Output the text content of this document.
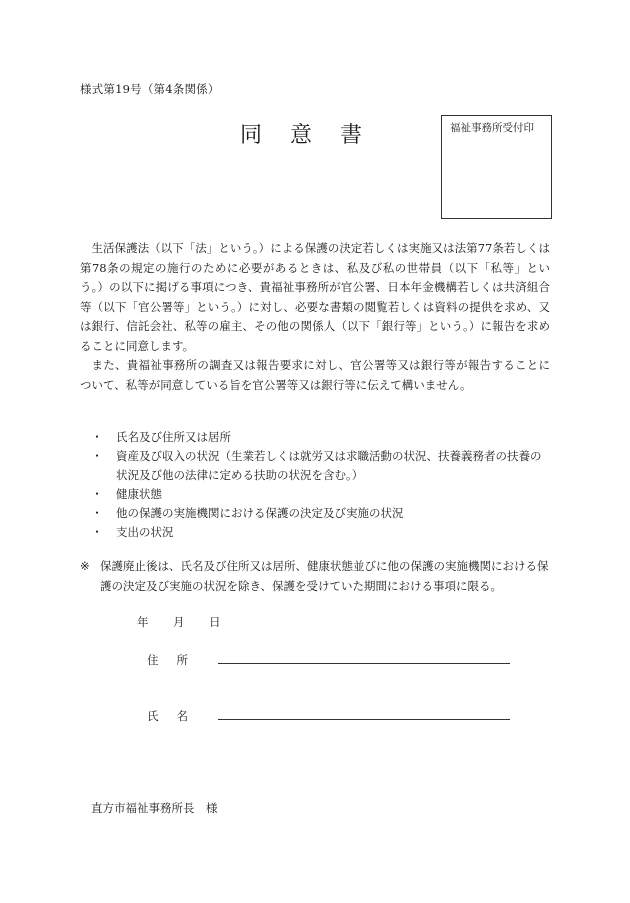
様式第19号（第4条関係）
同意書	福祉事務所受付印

生活保護法（以下「法」という。）による保護の決定若しくは実施又は法第77条若しくは第78条の規定の施行のために必要があるときは、私及び私の世帯員（以下「私等」という。）の以下に掲げる事項につき、貴福祉事務所が官公署、日本年金機構若しくは共済組合等（以下「官公署等」という。）に対し、必要な書類の閲覧若しくは資料の提供を求め、又は銀行、信託会社、私等の雇主、その他の関係人（以下「銀行等」という。）に報告を求めることに同意します。

また、貴福祉事務所の調査又は報告要求に対し、官公署等又は銀行等が報告することについて、私等が同意している旨を官公署等又は銀行等に伝えて構いません。

・ 氏名及び住所又は居所
・ 資産及び収入の状況（生業若しくは就労又は求職活動の状況、扶養義務者の扶養の状況及び他の法律に定める扶助の状況を含む。）
・ 健康状態
・ 他の保護の実施機関における保護の決定及び実施の状況
・ 支出の状況
※ 保護廃止後は、氏名及び住所又は居所、健康状態並びに他の保護の実施機関における保護の決定及び実施の状況を除き、保護を受けていた期間における事項に限る。
年 月 日
住所
氏名
直方市福祉事務所長　様
